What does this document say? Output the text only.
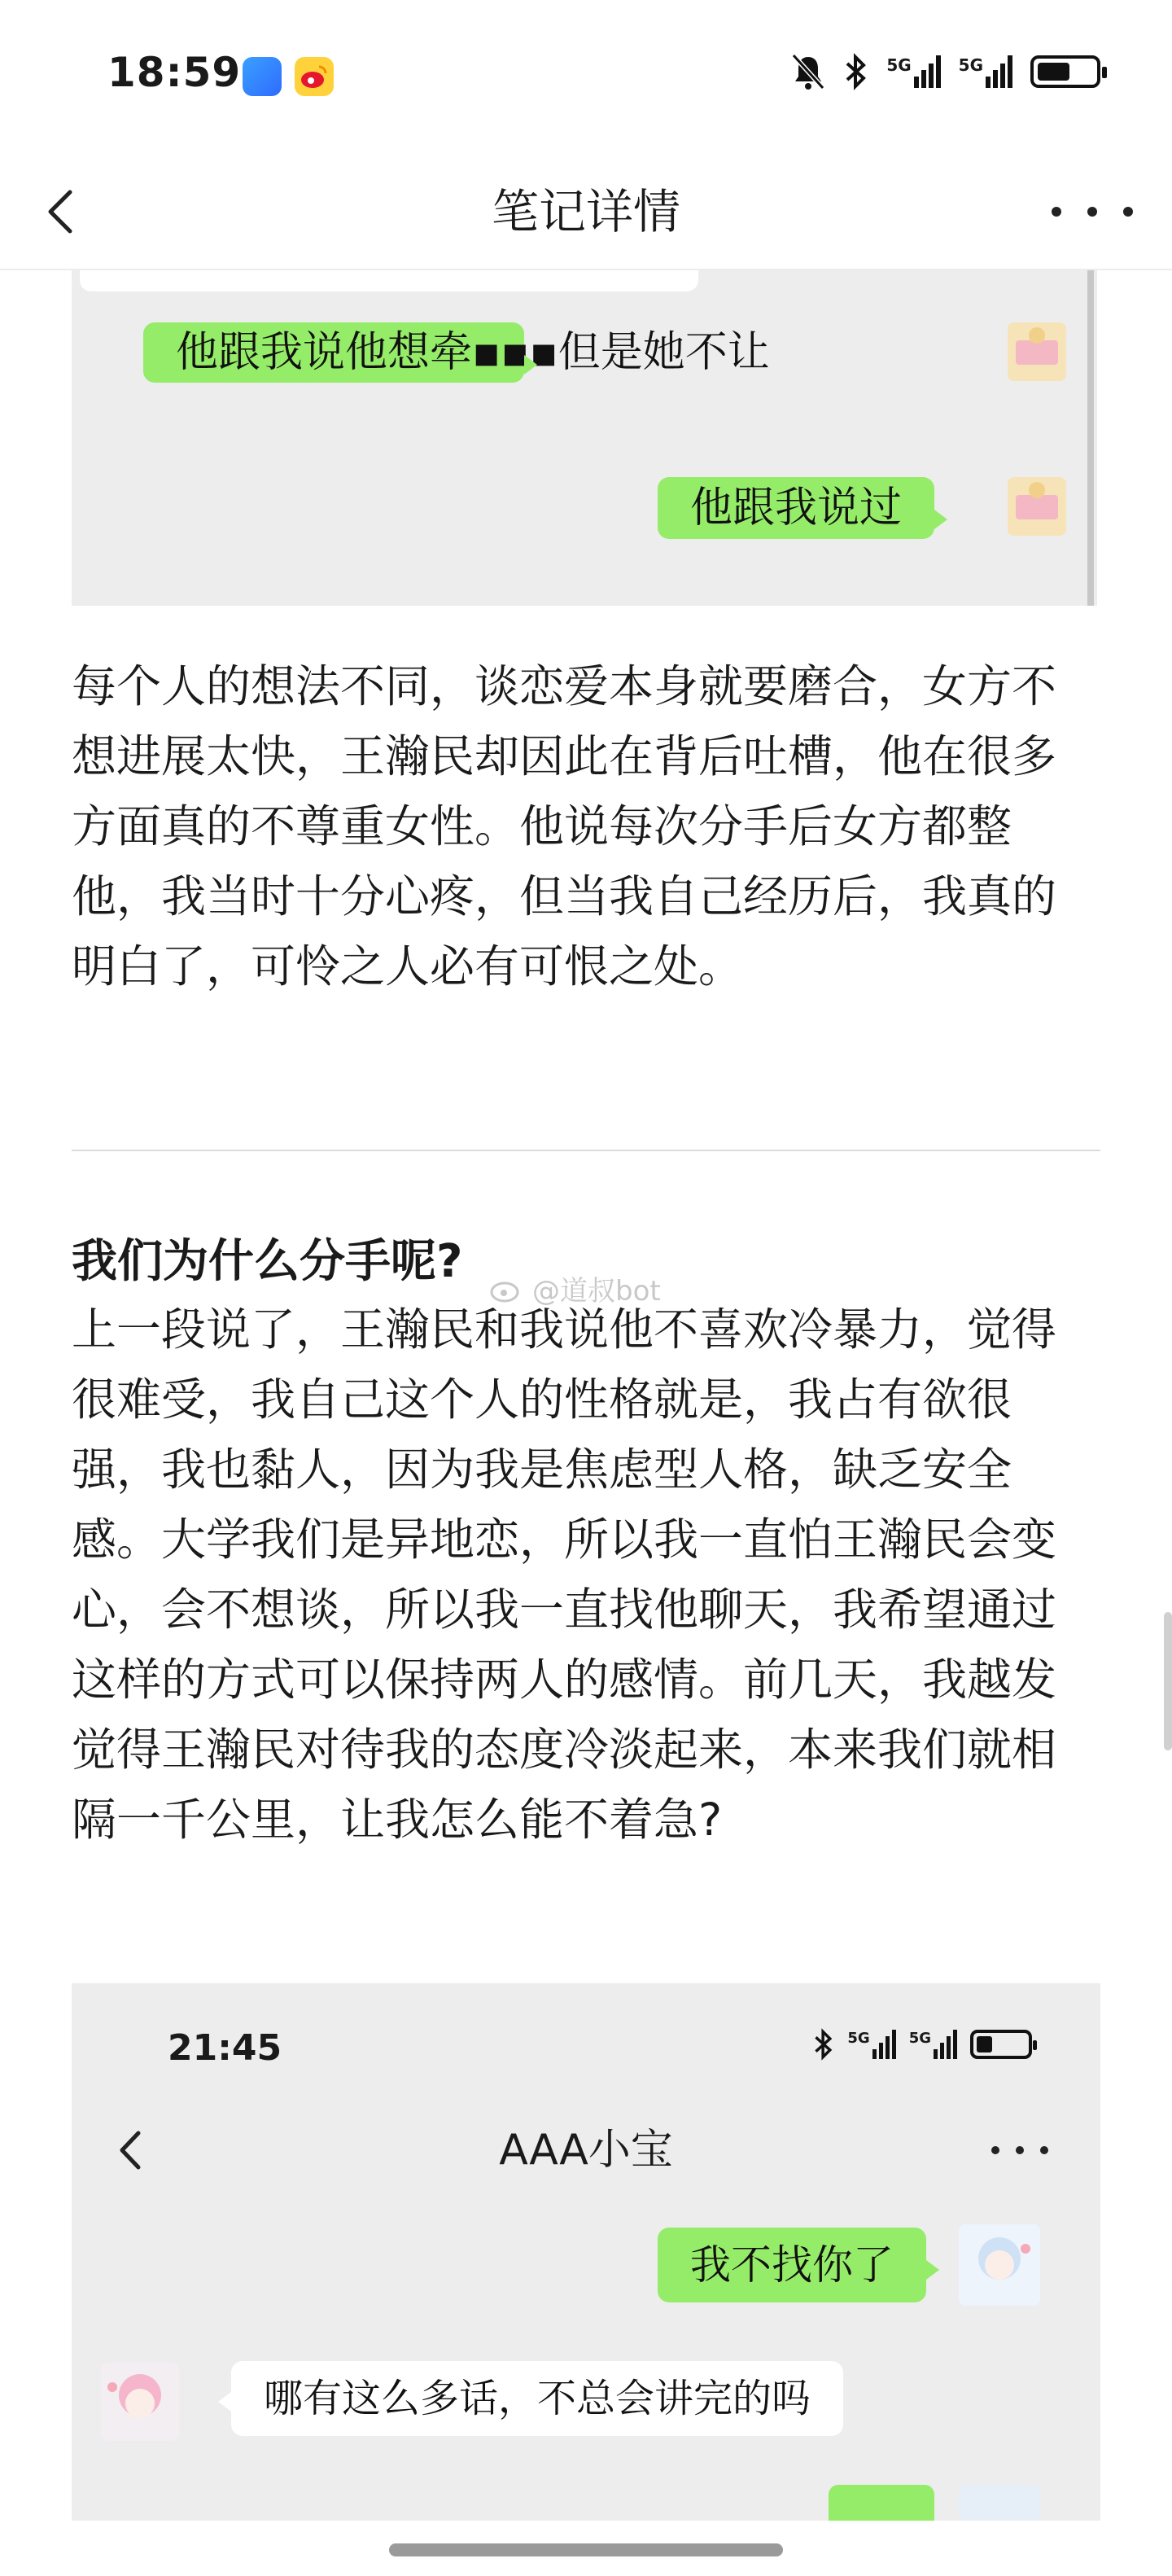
18:59	5G	5G
笔记详情
他跟我说他想牵▪▪▪但是她不让
他跟我说过

每个人的想法不同，谈恋爱本身就要磨合，女方不想进展太快，王瀚民却因此在背后吐槽，他在很多方面真的不尊重女性。他说每次分手后女方都整他，我当时十分心疼，但当我自己经历后，我真的明白了，可怜之人必有可恨之处。

我们为什么分手呢?
@道叔bot

上一段说了，王瀚民和我说他不喜欢冷暴力，觉得很难受，我自己这个人的性格就是，我占有欲很强，我也黏人，因为我是焦虑型人格，缺乏安全感。大学我们是异地恋，所以我一直怕王瀚民会变心，会不想谈，所以我一直找他聊天，我希望通过这样的方式可以保持两人的感情。前几天，我越发觉得王瀚民对待我的态度冷淡起来，本来我们就相隔一千公里，让我怎么能不着急?

21:45	5G	5G
AAA小宝
我不找你了
哪有这么多话，不总会讲完的吗
